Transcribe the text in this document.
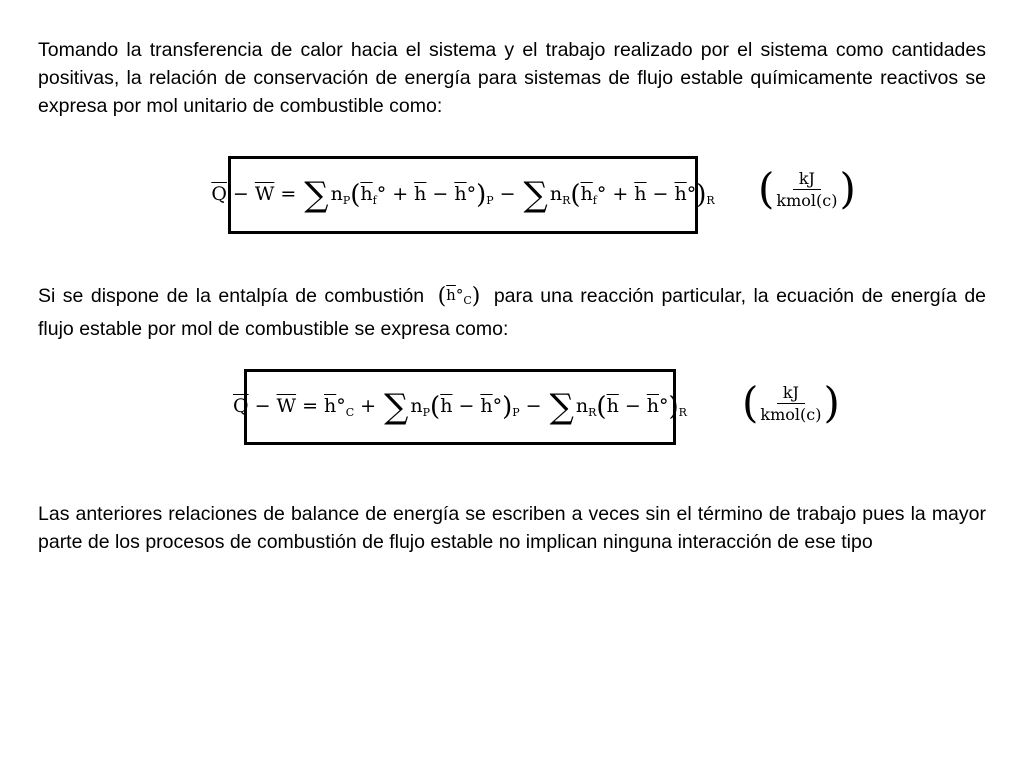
Tomando la transferencia de calor hacia el sistema y el trabajo realizado por el sistema como cantidades positivas, la relación de conservación de energía para sistemas de flujo estable químicamente reactivos se expresa por mol unitario de combustible como:

$\overline{Q} - \overline{W}$ = ∑ $n_P(\overline{h}_f^\circ + \overline{h} - \overline{h}^\circ)_P$ − ∑ $n_R(\overline{h}_f^\circ + \overline{h} - \overline{h}^\circ)_R$ ( $\frac{kJ}{\text{kmol(c)}}$ )

Si se dispone de la entalpía de combustión $(\overline{h}^\circ_C)$ para una reacción particular, la ecuación de energía de flujo estable por mol de combustible se expresa como:

$\overline{Q} - \overline{W} = \overline{h}^\circ_C$ + ∑ $n_P(\overline{h} - \overline{h}^\circ)_P$ − ∑ $n_R(\overline{h} - \overline{h}^\circ)_R$ ( $\frac{kJ}{\text{kmol(c)}}$ )

Las anteriores relaciones de balance de energía se escriben a veces sin el término de trabajo pues la mayor parte de los procesos de combustión de flujo estable no implican ninguna interacción de ese tipo
